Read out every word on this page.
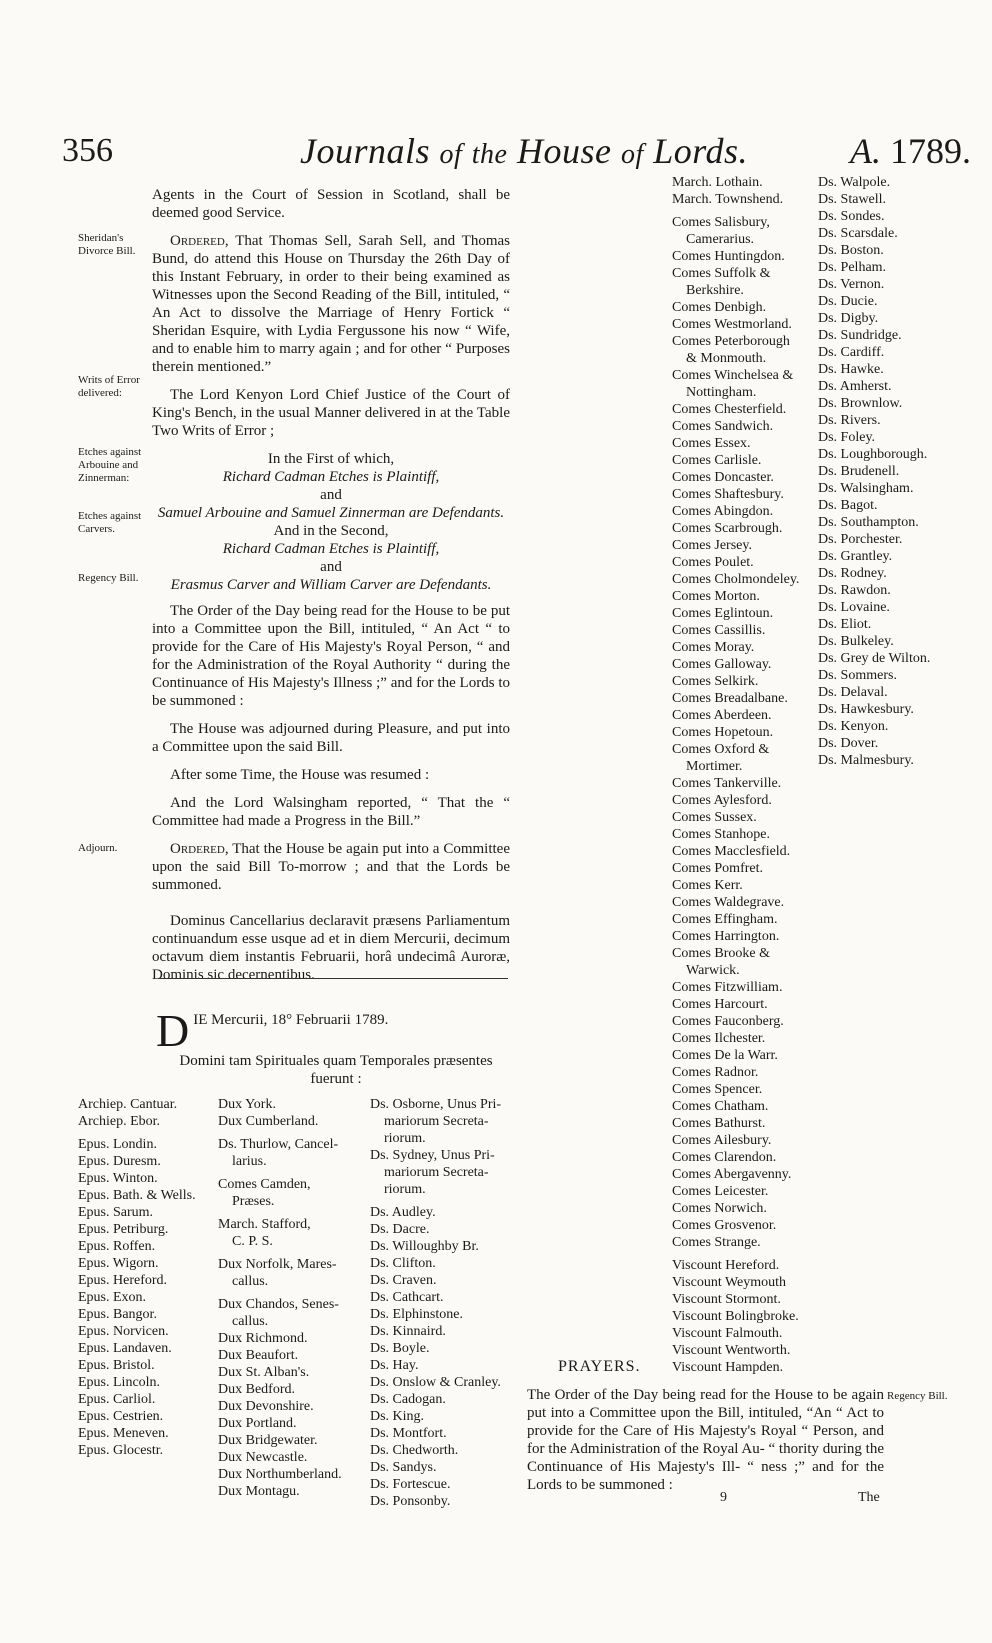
356	Journals of the House of Lords.	A. 1789.
Sheridan's Divorce Bill.
Writs of Error delivered:
Etches against Arbouine and Zinnerman:
Etches against Carvers.
Regency Bill.
Adjourn.

Agents in the Court of Session in Scotland, shall be deemed good Service.

Ordered, That Thomas Sell, Sarah Sell, and Thomas Bund, do attend this House on Thursday the 26th Day of this Instant February, in order to their being examined as Witnesses upon the Second Reading of the Bill, intituled, “ An Act to dissolve the Marriage of Henry Fortick “ Sheridan Esquire, with Lydia Fergussone his now “ Wife, and to enable him to marry again ; and for other “ Purposes therein mentioned.”

The Lord Kenyon Lord Chief Justice of the Court of King's Bench, in the usual Manner delivered in at the Table Two Writs of Error ;

In the First of which,
Richard Cadman Etches is Plaintiff,
and
Samuel Arbouine and Samuel Zinnerman are Defendants.
And in the Second,
Richard Cadman Etches is Plaintiff,
and
Erasmus Carver and William Carver are Defendants.

The Order of the Day being read for the House to be put into a Committee upon the Bill, intituled, “ An Act “ to provide for the Care of His Majesty's Royal Person, “ and for the Administration of the Royal Authority “ during the Continuance of His Majesty's Illness ;” and for the Lords to be summoned :

The House was adjourned during Pleasure, and put into a Committee upon the said Bill.

After some Time, the House was resumed :

And the Lord Walsingham reported, “ That the “ Committee had made a Progress in the Bill.”

Ordered, That the House be again put into a Committee upon the said Bill To-morrow ; and that the Lords be summoned.

Dominus Cancellarius declaravit præsens Parliamentum continuandum esse usque ad et in diem Mercurii, decimum octavum diem instantis Februarii, horâ undecimâ Auroræ, Dominis sic decernentibus.

D IE Mercurii, 18° Februarii 1789.
Domini tam Spirituales quam Temporales præsentes fuerunt :
Archiep. Cantuar.
Archiep. Ebor.
Epus. Londin.
Epus. Duresm.
Epus. Winton.
Epus. Bath. & Wells.
Epus. Sarum.
Epus. Petriburg.
Epus. Roffen.
Epus. Wigorn.
Epus. Hereford.
Epus. Exon.
Epus. Bangor.
Epus. Norvicen.
Epus. Landaven.
Epus. Bristol.
Epus. Lincoln.
Epus. Carliol.
Epus. Cestrien.
Epus. Meneven.
Epus. Glocestr.
Dux York.
Dux Cumberland.
Ds. Thurlow, Cancel-
larius.
Comes Camden,
Præses.
March. Stafford,
C. P. S.
Dux Norfolk, Mares-
callus.
Dux Chandos, Senes-
callus.
Dux Richmond.
Dux Beaufort.
Dux St. Alban's.
Dux Bedford.
Dux Devonshire.
Dux Portland.
Dux Bridgewater.
Dux Newcastle.
Dux Northumberland.
Dux Montagu.
Ds. Osborne, Unus Pri-
mariorum Secreta-
riorum.
Ds. Sydney, Unus Pri-
mariorum Secreta-
riorum.
Ds. Audley.
Ds. Dacre.
Ds. Willoughby Br.
Ds. Clifton.
Ds. Craven.
Ds. Cathcart.
Ds. Elphinstone.
Ds. Kinnaird.
Ds. Boyle.
Ds. Hay.
Ds. Onslow & Cranley.
Ds. Cadogan.
Ds. King.
Ds. Montfort.
Ds. Chedworth.
Ds. Sandys.
Ds. Fortescue.
Ds. Ponsonby.
March. Lothain.
March. Townshend.
Comes Salisbury,
Camerarius.
Comes Huntingdon.
Comes Suffolk &
Berkshire.
Comes Denbigh.
Comes Westmorland.
Comes Peterborough
& Monmouth.
Comes Winchelsea &
Nottingham.
Comes Chesterfield.
Comes Sandwich.
Comes Essex.
Comes Carlisle.
Comes Doncaster.
Comes Shaftesbury.
Comes Abingdon.
Comes Scarbrough.
Comes Jersey.
Comes Poulet.
Comes Cholmondeley.
Comes Morton.
Comes Eglintoun.
Comes Cassillis.
Comes Moray.
Comes Galloway.
Comes Selkirk.
Comes Breadalbane.
Comes Aberdeen.
Comes Hopetoun.
Comes Oxford &
Mortimer.
Comes Tankerville.
Comes Aylesford.
Comes Sussex.
Comes Stanhope.
Comes Macclesfield.
Comes Pomfret.
Comes Kerr.
Comes Waldegrave.
Comes Effingham.
Comes Harrington.
Comes Brooke &
Warwick.
Comes Fitzwilliam.
Comes Harcourt.
Comes Fauconberg.
Comes Ilchester.
Comes De la Warr.
Comes Radnor.
Comes Spencer.
Comes Chatham.
Comes Bathurst.
Comes Ailesbury.
Comes Clarendon.
Comes Abergavenny.
Comes Leicester.
Comes Norwich.
Comes Grosvenor.
Comes Strange.
Viscount Hereford.
Viscount Weymouth
Viscount Stormont.
Viscount Bolingbroke.
Viscount Falmouth.
Viscount Wentworth.
Viscount Hampden.
Ds. Walpole.
Ds. Stawell.
Ds. Sondes.
Ds. Scarsdale.
Ds. Boston.
Ds. Pelham.
Ds. Vernon.
Ds. Ducie.
Ds. Digby.
Ds. Sundridge.
Ds. Cardiff.
Ds. Hawke.
Ds. Amherst.
Ds. Brownlow.
Ds. Rivers.
Ds. Foley.
Ds. Loughborough.
Ds. Brudenell.
Ds. Walsingham.
Ds. Bagot.
Ds. Southampton.
Ds. Porchester.
Ds. Grantley.
Ds. Rodney.
Ds. Rawdon.
Ds. Lovaine.
Ds. Eliot.
Ds. Bulkeley.
Ds. Grey de Wilton.
Ds. Sommers.
Ds. Delaval.
Ds. Hawkesbury.
Ds. Kenyon.
Ds. Dover.
Ds. Malmesbury.
PRAYERS.
The Order of the Day being read for the House to be again put into a Committee upon the Bill, intituled, “An “ Act to provide for the Care of His Majesty's Royal “ Person, and for the Administration of the Royal Au- “ thority during the Continuance of His Majesty's Ill- “ ness ;” and for the Lords to be summoned :
Regency Bill.
9	The
